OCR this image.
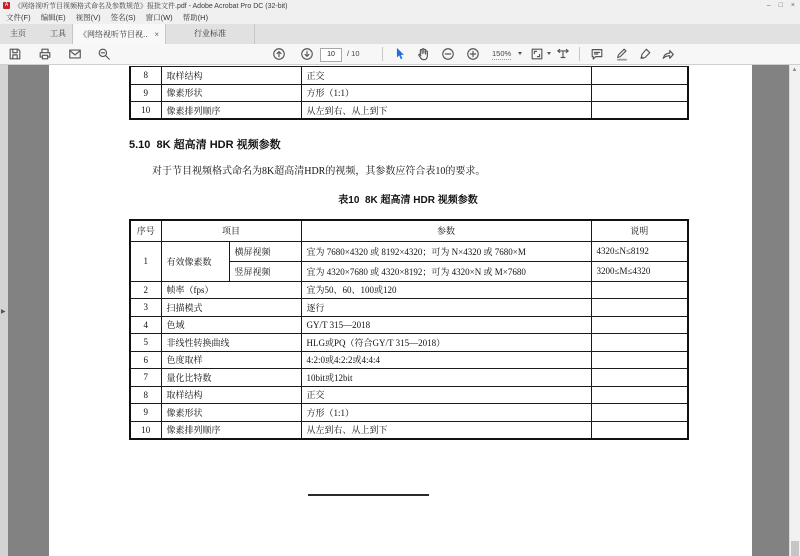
A 《网络视听节目视频格式命名及参数规范》报批文件.pdf - Adobe Acrobat Pro DC (32-bit)	– □ ×
文件(F) 编辑(E) 视图(V) 签名(S) 窗口(W) 帮助(H)
主页	工具 《网络视听节目视.. ×	行业标准
10	/ 10	150%
▶
8	取样结构	正交	
9	像素形状	方形（1:1）	
10	像素排列顺序	从左到右、从上到下	
5.10  8K 超高清 HDR 视频参数
对于节目视频格式命名为8K超高清HDR的视频，其参数应符合表10的要求。
表10  8K 超高清 HDR 视频参数
序号	项目		参数	说明
1	有效像素数	横屏视频	宜为 7680×4320 或 8192×4320；可为 N×4320 或 7680×M	4320≤N≤8192
		竖屏视频	宜为 4320×7680 或 4320×8192；可为 4320×N 或 M×7680	3200≤M≤4320
2	帧率（fps）		宜为50、60、100或120	
3	扫描模式		逐行	
4	色域		GY/T 315—2018	
5	非线性转换曲线		HLG或PQ（符合GY/T 315—2018）	
6	色度取样		4:2:0或4:2:2或4:4:4	
7	量化比特数		10bit或12bit	
8	取样结构		正交	
9	像素形状		方形（1:1）	
10	像素排列顺序		从左到右、从上到下	
▲
